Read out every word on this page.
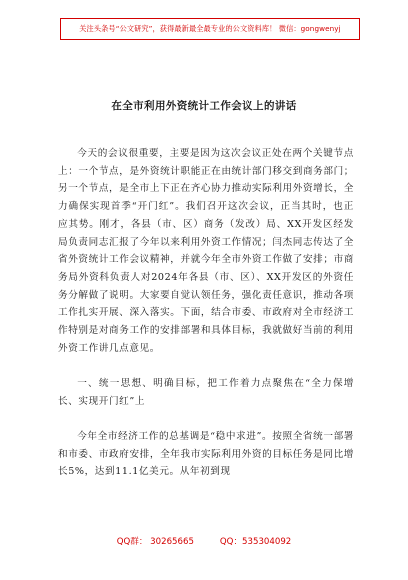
关注头条号“公文研究”，获得最新最全最专业的公文资料库！ 微信：gongwenyj
在全市利用外资统计工作会议上的讲话

今天的会议很重要，主要是因为这次会议正处在两个关键节点上：一个节点，是外资统计职能正在由统计部门移交到商务部门；另一个节点，是全市上下正在齐心协力推动实际利用外资增长，全力确保实现首季“开门红”。我们召开这次会议，正当其时，也正应其势。刚才，各县（市、区）商务（发改）局、XX开发区经发局负责同志汇报了今年以来利用外资工作情况；闫杰同志传达了全省外资统计工作会议精神，并就今年全市外资工作做了安排；市商务局外资科负责人对2024年各县（市、区）、XX开发区的外资任务分解做了说明。大家要自觉认领任务，强化责任意识，推动各项工作扎实开展、深入落实。下面，结合市委、市政府对全市经济工作特别是对商务工作的安排部署和具体目标，我就做好当前的利用外资工作讲几点意见。

一、统一思想、明确目标，把工作着力点聚焦在“全力保增长、实现开门红”上

今年全市经济工作的总基调是“稳中求进”。按照全省统一部署和市委、市政府安排，全年我市实际利用外资的目标任务是同比增长5%，达到11.1亿美元。从年初到现

QQ群： 30265665	QQ：535304092
